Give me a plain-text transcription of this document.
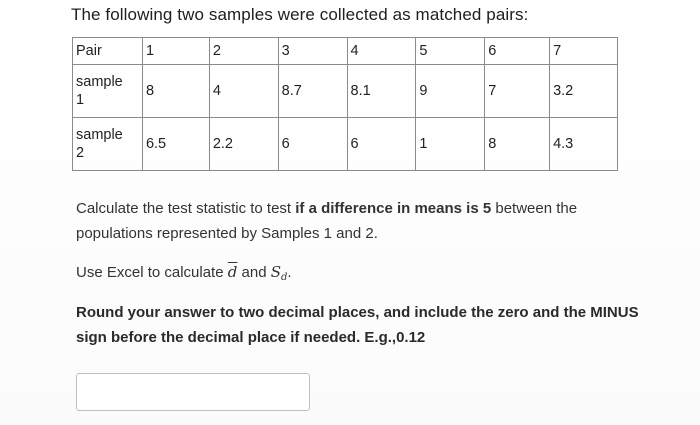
The following two samples were collected as matched pairs:
Pair	1	2	3	4	5	6	7
sample
1	8	4	8.7	8.1	9	7	3.2
sample
2	6.5	2.2	6	6	1	8	4.3
Calculate the test statistic to test if a difference in means is 5 between the populations represented by Samples 1 and 2.
Use Excel to calculate $\overline{d}$ and $S_d$.
Round your answer to two decimal places, and include the zero and the MINUS sign before the decimal place if needed. E.g.,0.12
